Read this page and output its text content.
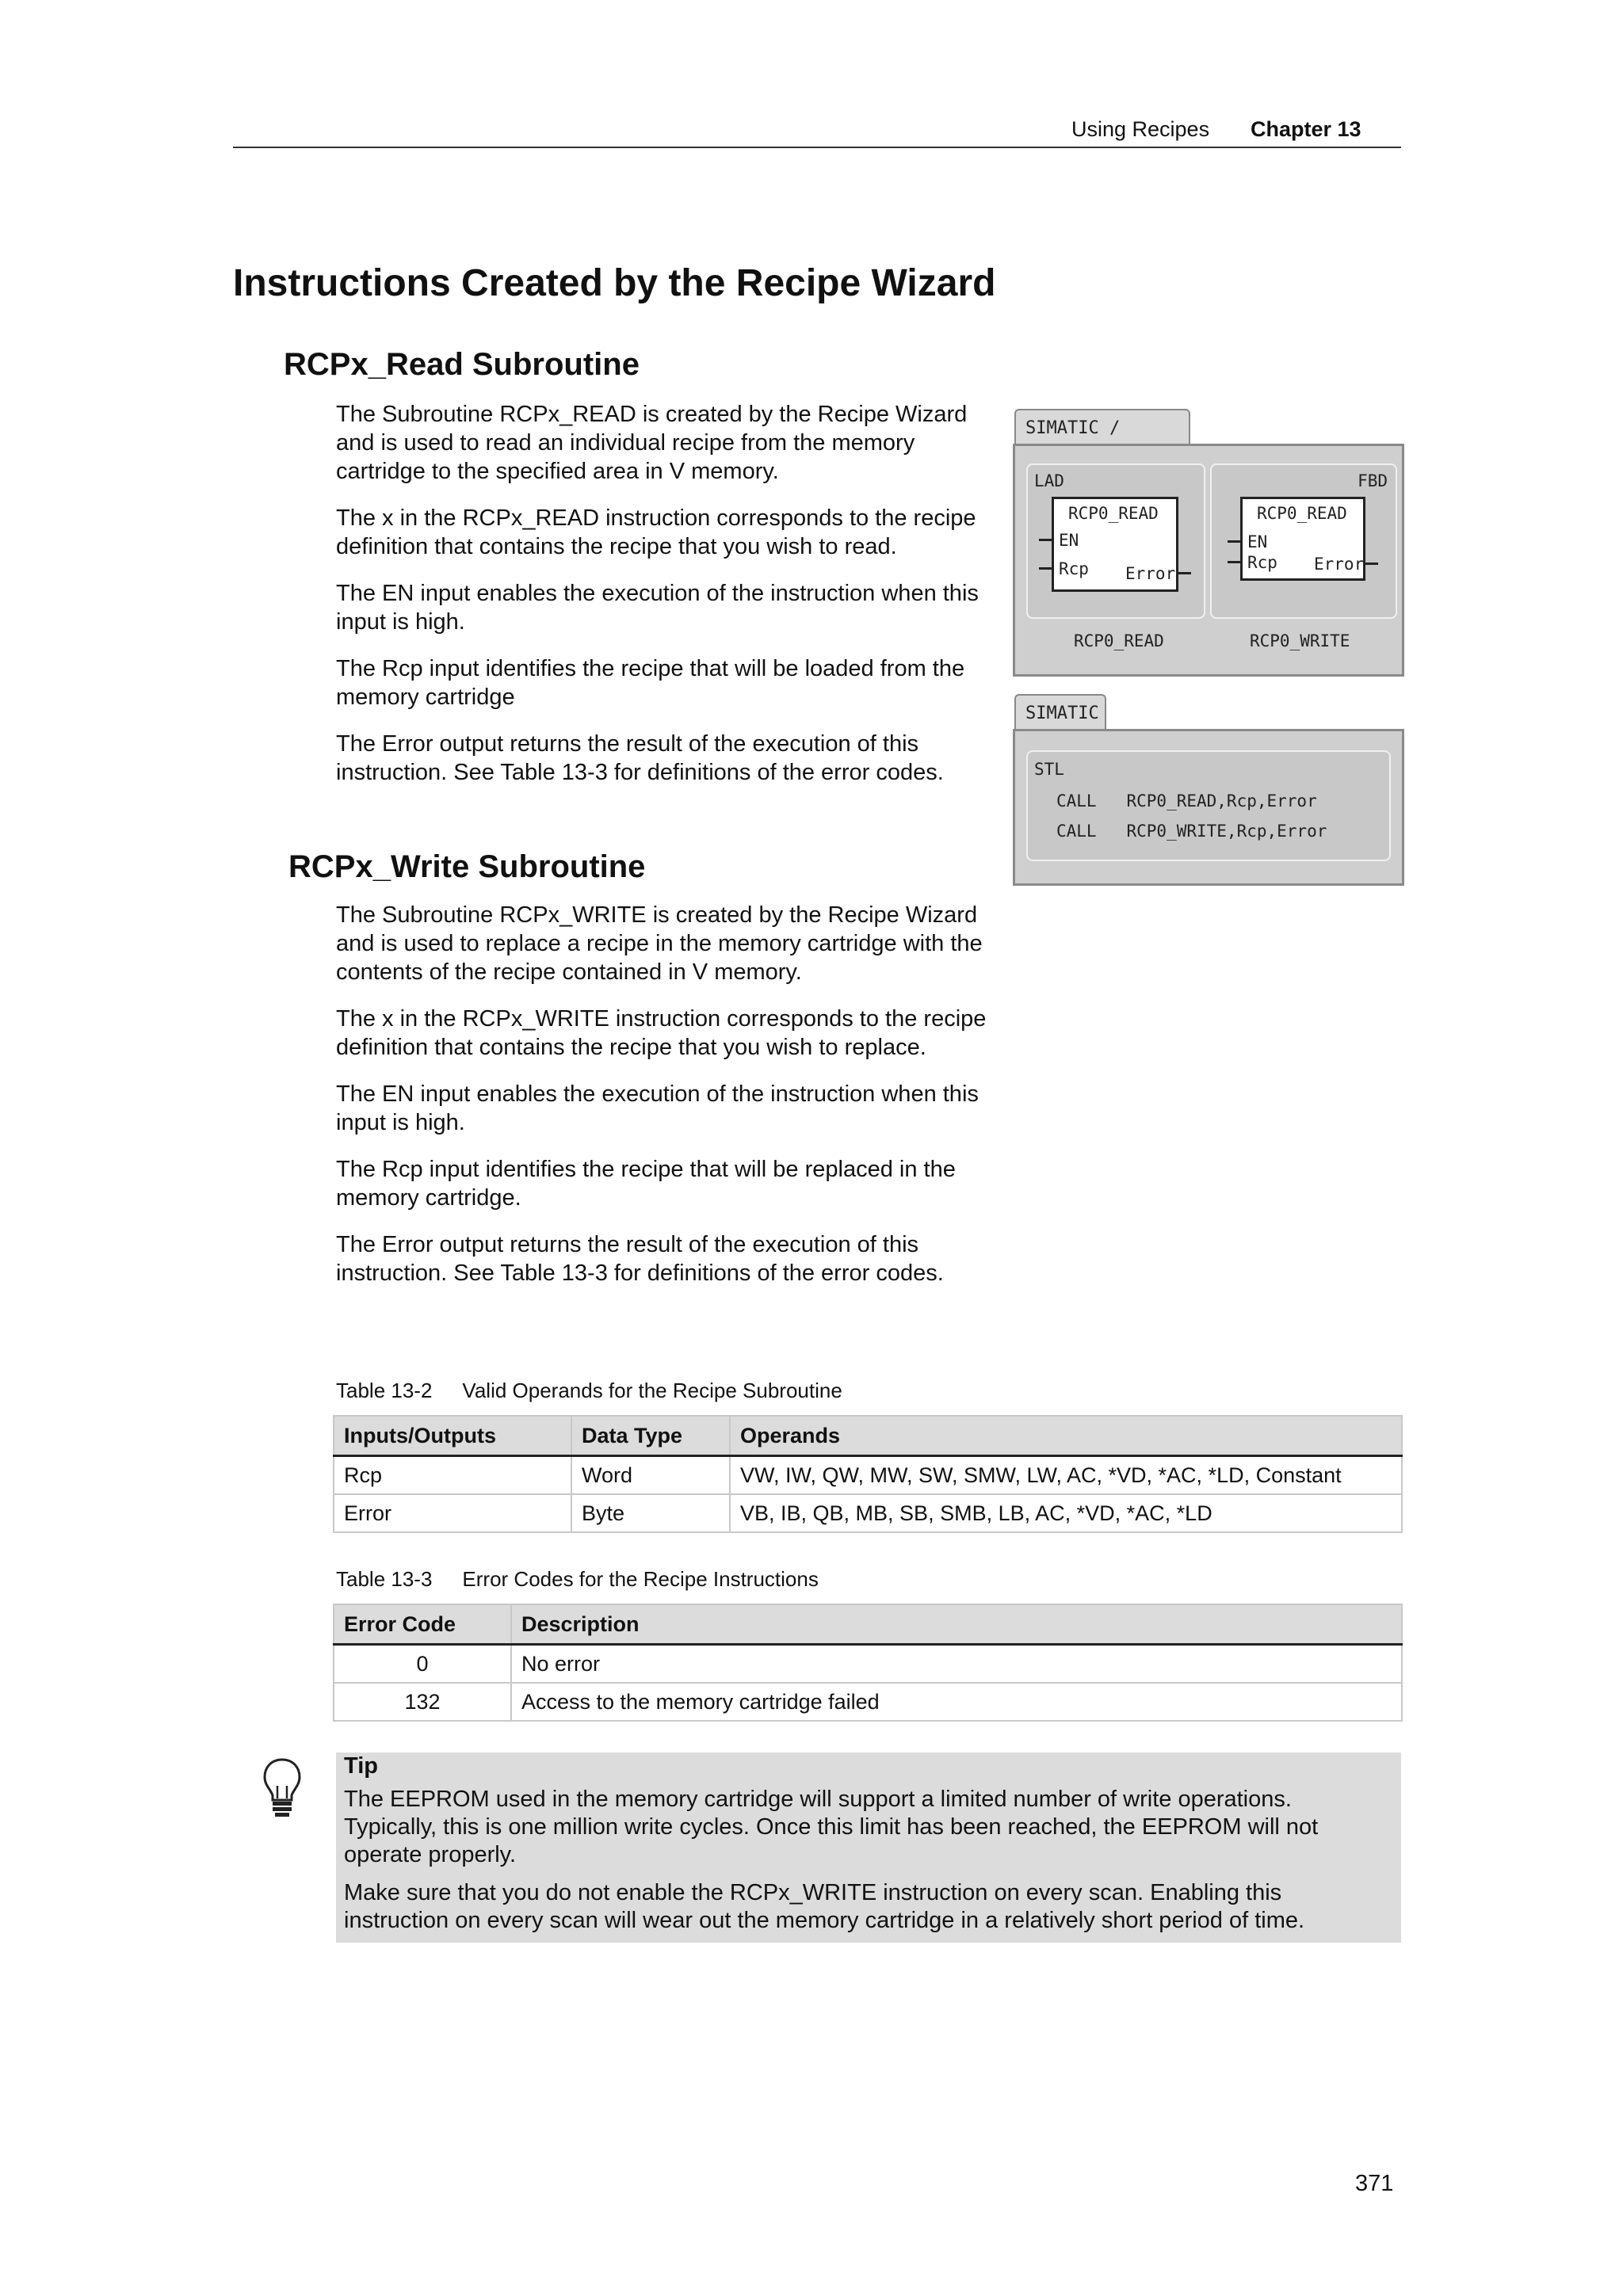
Using Recipes Chapter 13
Instructions Created by the Recipe Wizard
RCPx_Read Subroutine

The Subroutine RCPx_READ is created by the Recipe Wizard and is used to read an individual recipe from the memory cartridge to the specified area in V memory.

The x in the RCPx_READ instruction corresponds to the recipe definition that contains the recipe that you wish to read.

The EN input enables the execution of the instruction when this input is high.

The Rcp input identifies the recipe that will be loaded from the memory cartridge

The Error output returns the result of the execution of this instruction. See Table 13-3 for definitions of the error codes.

RCPx_Write Subroutine

The Subroutine RCPx_WRITE is created by the Recipe Wizard and is used to replace a recipe in the memory cartridge with the contents of the recipe contained in V memory.

The x in the RCPx_WRITE instruction corresponds to the recipe definition that contains the recipe that you wish to replace.

The EN input enables the execution of the instruction when this input is high.

The Rcp input identifies the recipe that will be replaced in the memory cartridge.

The Error output returns the result of the execution of this instruction. See Table 13-3 for definitions of the error codes.

SIMATIC /
LAD
RCP0_READ
EN
Rcp Error
FBD
RCP0_READ
EN
Rcp Error
RCP0_READ	RCP0_WRITE
SIMATIC
STL
CALL   RCP0_READ,Rcp,Error
CALL   RCP0_WRITE,Rcp,Error
Table 13-2 Valid Operands for the Recipe Subroutine
Inputs/Outputs	Data Type	Operands
Rcp	Word	VW, IW, QW, MW, SW, SMW, LW, AC, *VD, *AC, *LD, Constant
Error	Byte	VB, IB, QB, MB, SB, SMB, LB, AC, *VD, *AC, *LD
Table 13-3 Error Codes for the Recipe Instructions
Error Code	Description
0	No error
132	Access to the memory cartridge failed
Tip

The EEPROM used in the memory cartridge will support a limited number of write operations. Typically, this is one million write cycles. Once this limit has been reached, the EEPROM will not operate properly.

Make sure that you do not enable the RCPx_WRITE instruction on every scan. Enabling this instruction on every scan will wear out the memory cartridge in a relatively short period of time.

371
